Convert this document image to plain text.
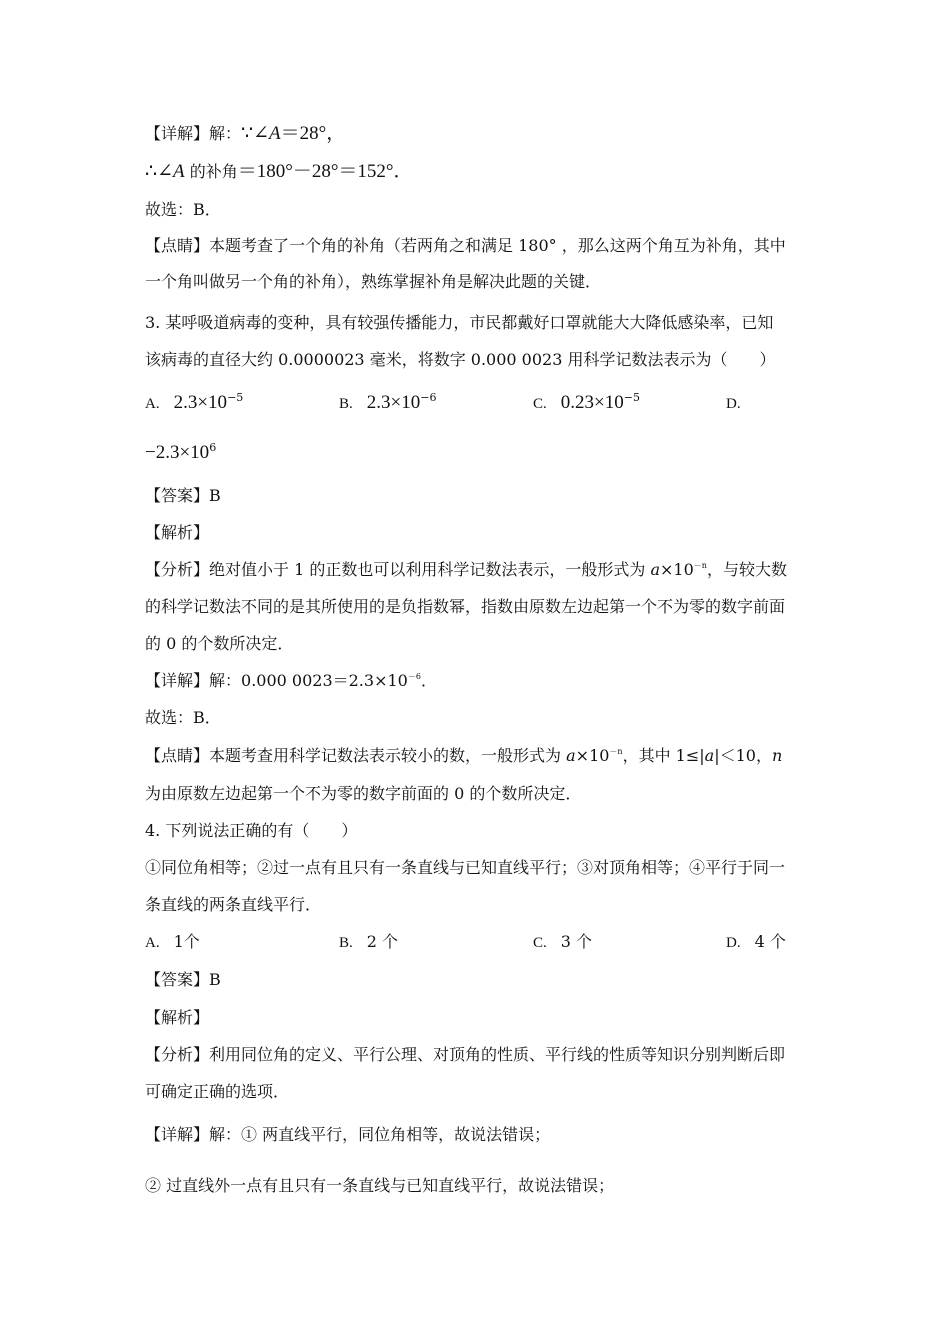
【详解】解：∵∠A＝28°，
∴∠A 的补角＝180°－28°＝152°．
故选：B．
【点睛】本题考查了一个角的补角（若两角之和满足 180° ，那么这两个角互为补角，其中
一个角叫做另一个角的补角），熟练掌握补角是解决此题的关键．
3. 某呼吸道病毒的变种，具有较强传播能力，市民都戴好口罩就能大大降低感染率，已知
该病毒的直径大约 0.0000023 毫米，将数字 0.000 0023 用科学记数法表示为（　　）
A. $2.3\times 10^{-5}$	B. $2.3\times 10^{-6}$	C. $0.23\times 10^{-5}$	D.
$-2.3\times 10^6$
【答案】B
【解析】
【分析】绝对值小于 1 的正数也可以利用科学记数法表示，一般形式为 $a\times 10^{-n}$，与较大数
的科学记数法不同的是其所使用的是负指数幂，指数由原数左边起第一个不为零的数字前面
的 0 的个数所决定．
【详解】解：0.000 $0023=2.3\times 10^{-6}$．
故选：B．
【点睛】本题考查用科学记数法表示较小的数，一般形式为 $a\times 10^{-n}$，其中 1≤|a|＜10，n
为由原数左边起第一个不为零的数字前面的 0 的个数所决定．
4. 下列说法正确的有（　　）
①同位角相等；②过一点有且只有一条直线与已知直线平行；③对顶角相等；④平行于同一
条直线的两条直线平行．
A. 1个	B. 2 个	C. 3 个	D. 4 个
【答案】B
【解析】
【分析】利用同位角的定义、平行公理、对顶角的性质、平行线的性质等知识分别判断后即
可确定正确的选项．
【详解】解：① 两直线平行，同位角相等，故说法错误；
② 过直线外一点有且只有一条直线与已知直线平行，故说法错误；
